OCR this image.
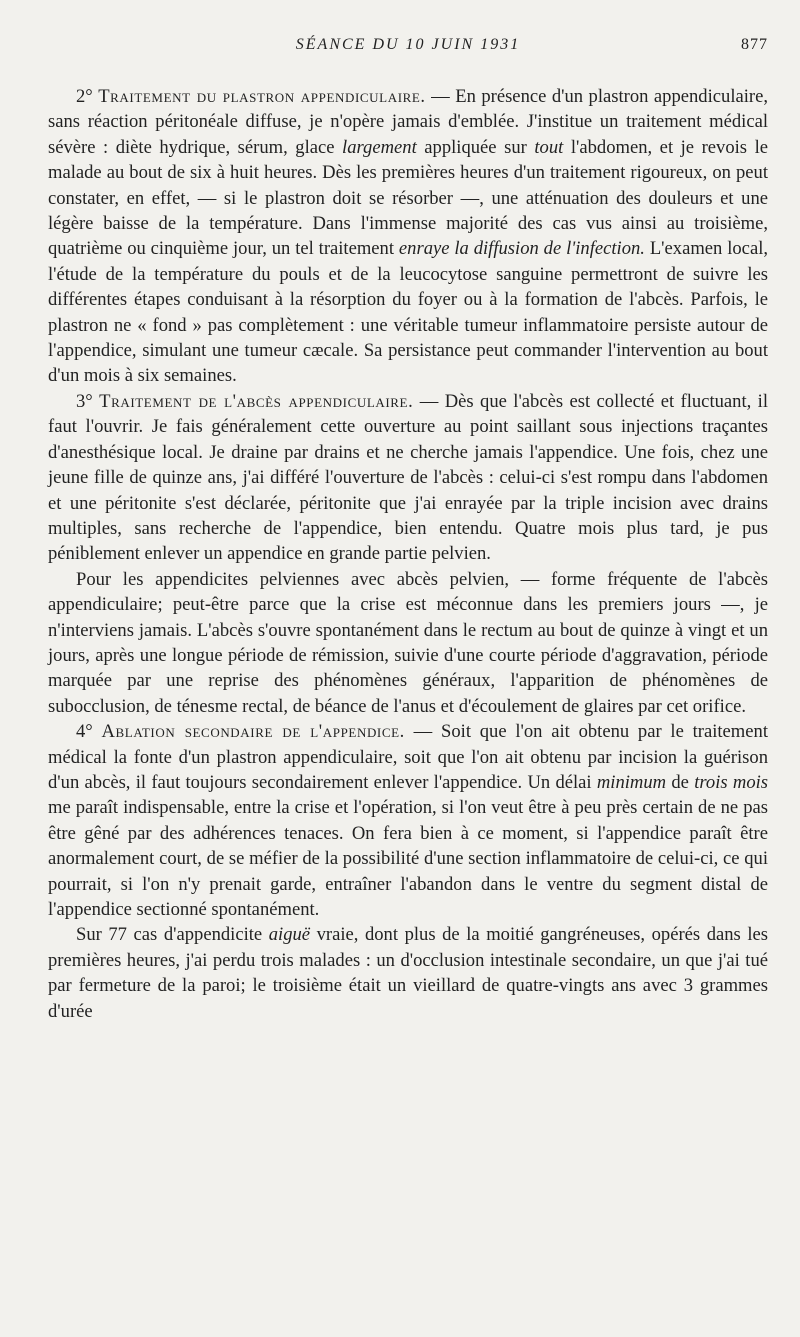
SÉANCE DU 10 JUIN 1931	877

2° Traitement du plastron appendiculaire. — En présence d'un plastron appendiculaire, sans réaction péritonéale diffuse, je n'opère jamais d'emblée. J'institue un traitement médical sévère : diète hydrique, sérum, glace largement appliquée sur tout l'abdomen, et je revois le malade au bout de six à huit heures. Dès les premières heures d'un traitement rigoureux, on peut constater, en effet, — si le plastron doit se résorber —, une atténuation des douleurs et une légère baisse de la température. Dans l'immense majorité des cas vus ainsi au troisième, quatrième ou cinquième jour, un tel traitement enraye la diffusion de l'infection. L'examen local, l'étude de la température du pouls et de la leucocytose sanguine permettront de suivre les différentes étapes conduisant à la résorption du foyer ou à la formation de l'abcès. Parfois, le plastron ne « fond » pas complètement : une véritable tumeur inflammatoire persiste autour de l'appendice, simulant une tumeur cæcale. Sa persistance peut commander l'intervention au bout d'un mois à six semaines.

3° Traitement de l'abcès appendiculaire. — Dès que l'abcès est collecté et fluctuant, il faut l'ouvrir. Je fais généralement cette ouverture au point saillant sous injections traçantes d'anesthésique local. Je draine par drains et ne cherche jamais l'appendice. Une fois, chez une jeune fille de quinze ans, j'ai différé l'ouverture de l'abcès : celui-ci s'est rompu dans l'abdomen et une péritonite s'est déclarée, péritonite que j'ai enrayée par la triple incision avec drains multiples, sans recherche de l'appendice, bien entendu. Quatre mois plus tard, je pus péniblement enlever un appendice en grande partie pelvien.

Pour les appendicites pelviennes avec abcès pelvien, — forme fréquente de l'abcès appendiculaire; peut-être parce que la crise est méconnue dans les premiers jours —, je n'interviens jamais. L'abcès s'ouvre spontanément dans le rectum au bout de quinze à vingt et un jours, après une longue période de rémission, suivie d'une courte période d'aggravation, période marquée par une reprise des phénomènes généraux, l'apparition de phénomènes de subocclusion, de ténesme rectal, de béance de l'anus et d'écoulement de glaires par cet orifice.

4° Ablation secondaire de l'appendice. — Soit que l'on ait obtenu par le traitement médical la fonte d'un plastron appendiculaire, soit que l'on ait obtenu par incision la guérison d'un abcès, il faut toujours secondairement enlever l'appendice. Un délai minimum de trois mois me paraît indispensable, entre la crise et l'opération, si l'on veut être à peu près certain de ne pas être gêné par des adhérences tenaces. On fera bien à ce moment, si l'appendice paraît être anormalement court, de se méfier de la possibilité d'une section inflammatoire de celui-ci, ce qui pourrait, si l'on n'y prenait garde, entraîner l'abandon dans le ventre du segment distal de l'appendice sectionné spontanément.

Sur 77 cas d'appendicite aiguë vraie, dont plus de la moitié gangréneuses, opérés dans les premières heures, j'ai perdu trois malades : un d'occlusion intestinale secondaire, un que j'ai tué par fermeture de la paroi; le troisième était un vieillard de quatre-vingts ans avec 3 grammes d'urée
